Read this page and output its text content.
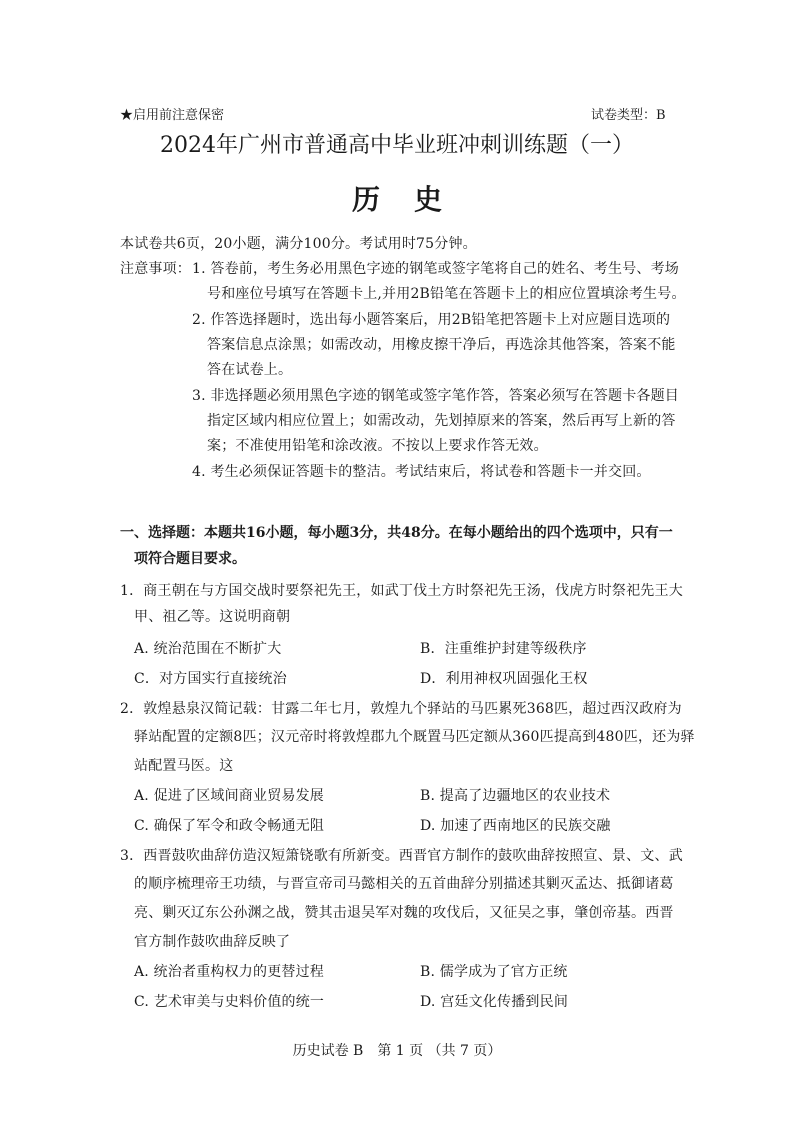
★启用前注意保密	试卷类型：B
2024年广州市普通高中毕业班冲刺训练题（一）
历史
本试卷共6页，20小题，满分100分。考试用时75分钟。
注意事项： 1. 答卷前，考生务必用黑色字迹的钢笔或签字笔将自己的姓名、考生号、考场
号和座位号填写在答题卡上,并用2B铅笔在答题卡上的相应位置填涂考生号。
2. 作答选择题时，选出每小题答案后，用2B铅笔把答题卡上对应题目选项的
答案信息点涂黑；如需改动，用橡皮擦干净后，再选涂其他答案，答案不能
答在试卷上。
3. 非选择题必须用黑色字迹的钢笔或签字笔作答，答案必须写在答题卡各题目
指定区域内相应位置上；如需改动，先划掉原来的答案，然后再写上新的答
案；不准使用铅笔和涂改液。不按以上要求作答无效。
4. 考生必须保证答题卡的整洁。考试结束后，将试卷和答题卡一并交回。
一、选择题：本题共16小题，每小题3分，共48分。在每小题给出的四个选项中，只有一
项符合题目要求。
1．商王朝在与方国交战时要祭祀先王，如武丁伐土方时祭祀先王汤，伐虎方时祭祀先王大
甲、祖乙等。这说明商朝
A. 统治范围在不断扩大	B．注重维护封建等级秩序
C．对方国实行直接统治	D．利用神权巩固强化王权
2．敦煌悬泉汉简记载：甘露二年七月，敦煌九个驿站的马匹累死368匹，超过西汉政府为
驿站配置的定额8匹；汉元帝时将敦煌郡九个厩置马匹定额从360匹提高到480匹，还为驿
站配置马医。这
A. 促进了区域间商业贸易发展	B. 提高了边疆地区的农业技术
C. 确保了军令和政令畅通无阻	D. 加速了西南地区的民族交融
3．西晋鼓吹曲辞仿造汉短箫铙歌有所新变。西晋官方制作的鼓吹曲辞按照宣、景、文、武
的顺序梳理帝王功绩，与晋宣帝司马懿相关的五首曲辞分别描述其剿灭孟达、抵御诸葛
亮、剿灭辽东公孙渊之战，赞其击退吴军对魏的攻伐后，又征吴之事，肇创帝基。西晋
官方制作鼓吹曲辞反映了
A. 统治者重构权力的更替过程	B. 儒学成为了官方正统
C. 艺术审美与史料价值的统一	D. 宫廷文化传播到民间
历史试卷 B　第 1 页 （共 7 页）
